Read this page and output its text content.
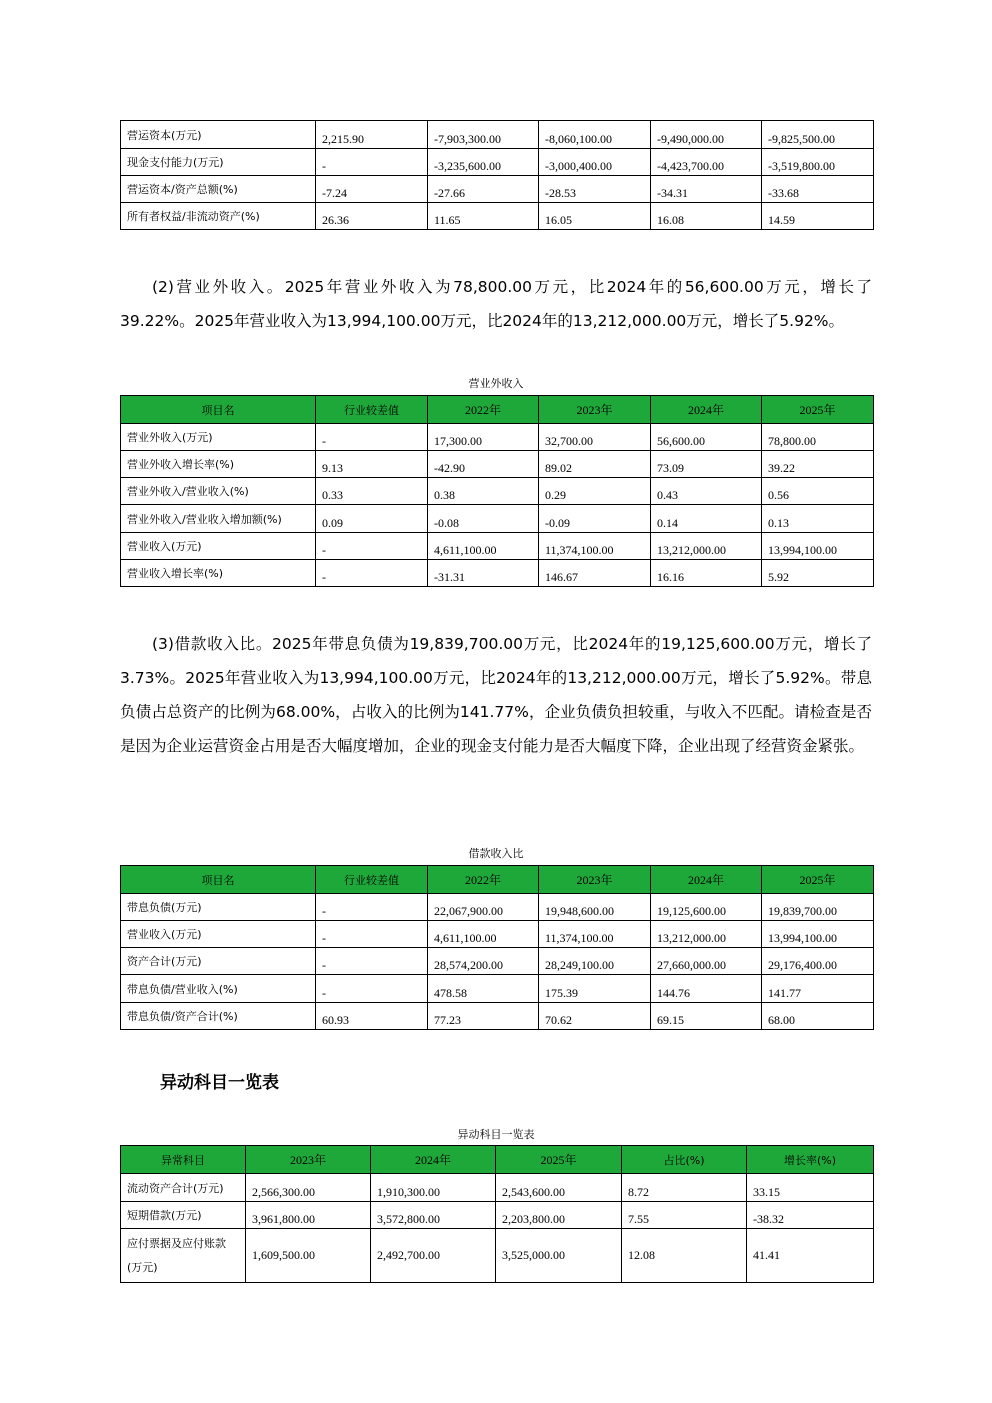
营运资本(万元)	2,215.90	-7,903,300.00	-8,060,100.00	-9,490,000.00	-9,825,500.00
现金支付能力(万元)	-	-3,235,600.00	-3,000,400.00	-4,423,700.00	-3,519,800.00
营运资本/资产总额(%)	-7.24	-27.66	-28.53	-34.31	-33.68
所有者权益/非流动资产(%)	26.36	11.65	16.05	16.08	14.59

(2)营业外收入。2025年营业外收入为78,800.00万元，比2024年的56,600.00万元，增长了39.22%。2025年营业收入为13,994,100.00万元，比2024年的13,212,000.00万元，增长了5.92%。

营业外收入
项目名	行业较差值	2022年	2023年	2024年	2025年
营业外收入(万元)	-	17,300.00	32,700.00	56,600.00	78,800.00
营业外收入增长率(%)	9.13	-42.90	89.02	73.09	39.22
营业外收入/营业收入(%)	0.33	0.38	0.29	0.43	0.56
营业外收入/营业收入增加额(%)	0.09	-0.08	-0.09	0.14	0.13
营业收入(万元)	-	4,611,100.00	11,374,100.00	13,212,000.00	13,994,100.00
营业收入增长率(%)	-	-31.31	146.67	16.16	5.92

(3)借款收入比。2025年带息负债为19,839,700.00万元，比2024年的19,125,600.00万元，增长了3.73%。2025年营业收入为13,994,100.00万元，比2024年的13,212,000.00万元，增长了5.92%。带息负债占总资产的比例为68.00%，占收入的比例为141.77%，企业负债负担较重，与收入不匹配。请检查是否是因为企业运营资金占用是否大幅度增加，企业的现金支付能力是否大幅度下降，企业出现了经营资金紧张。

借款收入比
项目名	行业较差值	2022年	2023年	2024年	2025年
带息负债(万元)	-	22,067,900.00	19,948,600.00	19,125,600.00	19,839,700.00
营业收入(万元)	-	4,611,100.00	11,374,100.00	13,212,000.00	13,994,100.00
资产合计(万元)	-	28,574,200.00	28,249,100.00	27,660,000.00	29,176,400.00
带息负债/营业收入(%)	-	478.58	175.39	144.76	141.77
带息负债/资产合计(%)	60.93	77.23	70.62	69.15	68.00
异动科目一览表
异动科目一览表
异常科目	2023年	2024年	2025年	占比(%)	增长率(%)
流动资产合计(万元)	2,566,300.00	1,910,300.00	2,543,600.00	8.72	33.15
短期借款(万元)	3,961,800.00	3,572,800.00	2,203,800.00	7.55	-38.32
应付票据及应付账款(万元)	1,609,500.00	2,492,700.00	3,525,000.00	12.08	41.41
